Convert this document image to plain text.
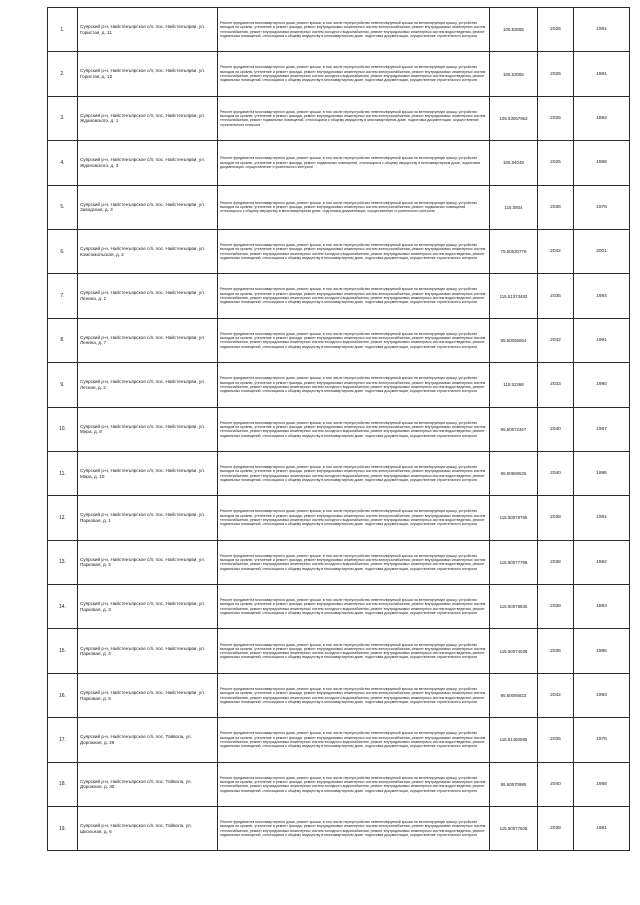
1.	Суярский р-н, Найстенъярское с/п, пос. Найстенъярви, ул. Гористая, д. 11	Ремонт фундамента многоквартирного дома, ремонт крыши, в том числе переустройство невентилируемой крыши на вентилируемую крышу, устройство выходов на кровлю, утепление и ремонт фасада, ремонт внутридомовых инженерных систем электроснабжения, ремонт внутридомовых инженерных систем теплоснабжения, ремонт внутридомовых инженерных систем холодного водоснабжения, ремонт внутридомовых инженерных систем водоотведения, ремонт подвальных помещений, относящихся к общему имуществу в многоквартирном доме, подготовка документации, осуществление строительного контроля	105.53065	2026	1981
2.	Суярский р-н, Найстенъярское с/п, пос. Найстенъярви, ул. Гористая, д. 12	Ремонт фундамента многоквартирного дома, ремонт крыши, в том числе переустройство невентилируемой крыши на вентилируемую крышу, устройство выходов на кровлю, утепление и ремонт фасада, ремонт внутридомовых инженерных систем электроснабжения, ремонт внутридомовых инженерных систем теплоснабжения, ремонт внутридомовых инженерных систем холодного водоснабжения, ремонт внутридомовых инженерных систем водоотведения, ремонт подвальных помещений, относящихся к общему имуществу в многоквартирном доме, подготовка документации, осуществление строительного контроля	105.53065	2026	1981
3.	Суярский р-н, Найстенъярское с/п, пос. Найстенъярви, ул. Ждановского, д. 1	Ремонт фундамента многоквартирного дома, ремонт крыши, в том числе переустройство невентилируемой крыши на вентилируемую крышу, устройство выходов на кровлю, утепление и ремонт фасада, ремонт внутридомовых инженерных систем электроснабжения, ремонт внутридомовых инженерных систем теплоснабжения, ремонт подвальных помещений, относящихся к общему имуществу в многоквартирном доме, подготовка документации, осуществление строительного контроля	105.53067962	2026	1982
4.	Суярский р-н, Найстенъярское с/п, пос. Найстенъярви, ул. Ждановского, д. 3	Ремонт фундамента многоквартирного дома, ремонт крыши, в том числе переустройство невентилируемой крыши на вентилируемую крышу, устройство выходов на кровлю, утепление и ремонт фасада, ремонт подвальных помещений, относящихся к общему имуществу в многоквартирном доме, подготовка документации, осуществление строительного контроля	105.54048	2025	1988
5.	Суярский р-н, Найстенъярское с/п, пос. Найстенъярви, ул. Заводская, д. 3	Ремонт фундамента многоквартирного дома, ремонт крыши, в том числе переустройство невентилируемой крыши на вентилируемую крышу, устройство выходов на кровлю, утепление и ремонт фасада, ремонт внутридомовых инженерных систем электроснабжения, ремонт подвальных помещений, относящихся к общему имуществу в многоквартирном доме, подготовка документации, осуществление строительного контроля	115.0804	2036	1976
6.	Суярский р-н, Найстенъярское с/п, пос. Найстенъярви, ул. Комсомольская, д. 2	Ремонт фундамента многоквартирного дома, ремонт крыши, в том числе переустройство невентилируемой крыши на вентилируемую крышу, устройство выходов на кровлю, утепление и ремонт фасада, ремонт внутридомовых инженерных систем электроснабжения, ремонт внутридомовых инженерных систем теплоснабжения, ремонт внутридомовых инженерных систем холодного водоснабжения, ремонт внутридомовых инженерных систем водоотведения, ремонт подвальных помещений, относящихся к общему имуществу в многоквартирном доме, подготовка документации, осуществление строительного контроля	75.50530779	2042	2001
7.	Суярский р-н, Найстенъярское с/п, пос. Найстенъярви, ул. Ленина, д. 1	Ремонт фундамента многоквартирного дома, ремонт крыши, в том числе переустройство невентилируемой крыши на вентилируемую крышу, устройство выходов на кровлю, утепление и ремонт фасада, ремонт внутридомовых инженерных систем электроснабжения, ремонт внутридомовых инженерных систем теплоснабжения, ремонт внутридомовых инженерных систем холодного водоснабжения, ремонт внутридомовых инженерных систем водоотведения, ремонт подвальных помещений, относящихся к общему имуществу в многоквартирном доме, подготовка документации, осуществление строительного контроля	115.51373483	2035	1984
8.	Суярский р-н, Найстенъярское с/п, пос. Найстенъярви, ул. Ленина, д. 7	Ремонт фундамента многоквартирного дома, ремонт крыши, в том числе переустройство невентилируемой крыши на вентилируемую крышу, устройство выходов на кровлю, утепление и ремонт фасада, ремонт внутридомовых инженерных систем электроснабжения, ремонт внутридомовых инженерных систем теплоснабжения, ремонт внутридомовых инженерных систем холодного водоснабжения, ремонт внутридомовых инженерных систем водоотведения, ремонт подвальных помещений, относящихся к общему имуществу в многоквартирном доме, подготовка документации, осуществление строительного контроля	95.50066654	2042	1991
9.	Суярский р-н, Найстенъярское с/п, пос. Найстенъярви, ул. Лесная, д. 2	Ремонт фундамента многоквартирного дома, ремонт крыши, в том числе переустройство невентилируемой крыши на вентилируемую крышу, устройство выходов на кровлю, утепление и ремонт фасада, ремонт внутридомовых инженерных систем электроснабжения, ремонт внутридомовых инженерных систем теплоснабжения, ремонт внутридомовых инженерных систем холодного водоснабжения, ремонт внутридомовых инженерных систем водоотведения, ремонт подвальных помещений, относящихся к общему имуществу в многоквартирном доме, подготовка документации, осуществление строительного контроля	115.52368	2033	1990
10.	Суярский р-н, Найстенъярское с/п, пос. Найстенъярви, ул. Мира, д. 8	Ремонт фундамента многоквартирного дома, ремонт крыши, в том числе переустройство невентилируемой крыши на вентилируемую крышу, устройство выходов на кровлю, утепление и ремонт фасада, ремонт внутридомовых инженерных систем электроснабжения, ремонт внутридомовых инженерных систем теплоснабжения, ремонт внутридомовых инженерных систем холодного водоснабжения, ремонт внутридомовых инженерных систем водоотведения, ремонт подвальных помещений, относящихся к общему имуществу в многоквартирном доме, подготовка документации, осуществление строительного контроля	95.50672467	2040	1987
11.	Суярский р-н, Найстенъярское с/п, пос. Найстенъярви, ул. Мира, д. 10	Ремонт фундамента многоквартирного дома, ремонт крыши, в том числе переустройство невентилируемой крыши на вентилируемую крышу, устройство выходов на кровлю, утепление и ремонт фасада, ремонт внутридомовых инженерных систем электроснабжения, ремонт внутридомовых инженерных систем теплоснабжения, ремонт внутридомовых инженерных систем холодного водоснабжения, ремонт внутридомовых инженерных систем водоотведения, ремонт подвальных помещений, относящихся к общему имуществу в многоквартирном доме, подготовка документации, осуществление строительного контроля	95.50569525	2040	1996
12.	Суярский р-н, Найстенъярское с/п, пос. Найстенъярви, ул. Парковая, д. 1	Ремонт фундамента многоквартирного дома, ремонт крыши, в том числе переустройство невентилируемой крыши на вентилируемую крышу, устройство выходов на кровлю, утепление и ремонт фасада, ремонт внутридомовых инженерных систем электроснабжения, ремонт внутридомовых инженерных систем теплоснабжения, ремонт внутридомовых инженерных систем холодного водоснабжения, ремонт внутридомовых инженерных систем водоотведения, ремонт подвальных помещений, относящихся к общему имуществу в многоквартирном доме, подготовка документации, осуществление строительного контроля	115.50078765	2038	1981
13.	Суярский р-н, Найстенъярское с/п, пос. Найстенъярви, ул. Парковая, д. 2	Ремонт фундамента многоквартирного дома, ремонт крыши, в том числе переустройство невентилируемой крыши на вентилируемую крышу, устройство выходов на кровлю, утепление и ремонт фасада, ремонт внутридомовых инженерных систем электроснабжения, ремонт внутридомовых инженерных систем теплоснабжения, ремонт внутридомовых инженерных систем холодного водоснабжения, ремонт внутридомовых инженерных систем водоотведения, ремонт подвальных помещений, относящихся к общему имуществу в многоквартирном доме, подготовка документации, осуществление строительного контроля	115.50077798	2038	1982
14.	Суярский р-н, Найстенъярское с/п, пос. Найстенъярви, ул. Парковая, д. 3	Ремонт фундамента многоквартирного дома, ремонт крыши, в том числе переустройство невентилируемой крыши на вентилируемую крышу, устройство выходов на кровлю, утепление и ремонт фасада, ремонт внутридомовых инженерных систем электроснабжения, ремонт внутридомовых инженерных систем теплоснабжения, ремонт внутридомовых инженерных систем холодного водоснабжения, ремонт внутридомовых инженерных систем водоотведения, ремонт подвальных помещений, относящихся к общему имуществу в многоквартирном доме, подготовка документации, осуществление строительного контроля	115.50078835	2038	1983
15.	Суярский р-н, Найстенъярское с/п, пос. Найстенъярви, ул. Парковая, д. 4	Ремонт фундамента многоквартирного дома, ремонт крыши, в том числе переустройство невентилируемой крыши на вентилируемую крышу, устройство выходов на кровлю, утепление и ремонт фасада, ремонт внутридомовых инженерных систем электроснабжения, ремонт внутридомовых инженерных систем теплоснабжения, ремонт внутридомовых инженерных систем холодного водоснабжения, ремонт внутридомовых инженерных систем водоотведения, ремонт подвальных помещений, относящихся к общему имуществу в многоквартирном доме, подготовка документации, осуществление строительного контроля	115.50074038	2036	1985
16.	Суярский р-н, Найстенъярское с/п, пос. Найстенъярви, ул. Парковая, д. 5	Ремонт фундамента многоквартирного дома, ремонт крыши, в том числе переустройство невентилируемой крыши на вентилируемую крышу, устройство выходов на кровлю, утепление и ремонт фасада, ремонт внутридомовых инженерных систем электроснабжения, ремонт внутридомовых инженерных систем теплоснабжения, ремонт внутридомовых инженерных систем холодного водоснабжения, ремонт внутридомовых инженерных систем водоотведения, ремонт подвальных помещений, относящихся к общему имуществу в многоквартирном доме, подготовка документации, осуществление строительного контроля	95.50066823	2042	1993
17.	Суярский р-н, Найстенъярское с/п, пос. Тойвола, ул. Дорожная, д. 26	Ремонт фундамента многоквартирного дома, ремонт крыши, в том числе переустройство невентилируемой крыши на вентилируемую крышу, устройство выходов на кровлю, утепление и ремонт фасада, ремонт внутридомовых инженерных систем электроснабжения, ремонт внутридомовых инженерных систем теплоснабжения, ремонт внутридомовых инженерных систем холодного водоснабжения, ремонт внутридомовых инженерных систем водоотведения, ремонт подвальных помещений, относящихся к общему имуществу в многоквартирном доме, подготовка документации, осуществление строительного контроля	115.51480585	2035	1978
18.	Суярский р-н, Найстенъярское с/п, пос. Тойвола, ул. Дорожная, д. 30	Ремонт фундамента многоквартирного дома, ремонт крыши, в том числе переустройство невентилируемой крыши на вентилируемую крышу, устройство выходов на кровлю, утепление и ремонт фасада, ремонт внутридомовых инженерных систем электроснабжения, ремонт внутридомовых инженерных систем теплоснабжения, ремонт внутридомовых инженерных систем холодного водоснабжения, ремонт внутридомовых инженерных систем водоотведения, ремонт подвальных помещений, относящихся к общему имуществу в многоквартирном доме, подготовка документации, осуществление строительного контроля	95.50570985	2040	1988
19.	Суярский р-н, Найстенъярское с/п, пос. Тойвола, ул. Школьная, д. 6	Ремонт фундамента многоквартирного дома, ремонт крыши, в том числе переустройство невентилируемой крыши на вентилируемую крышу, устройство выходов на кровлю, утепление и ремонт фасада, ремонт внутридомовых инженерных систем электроснабжения, ремонт внутридомовых инженерных систем теплоснабжения, ремонт внутридомовых инженерных систем холодного водоснабжения, ремонт внутридомовых инженерных систем водоотведения, ремонт подвальных помещений, относящихся к общему имуществу в многоквартирном доме, подготовка документации, осуществление строительного контроля	115.50077505	2038	1981
